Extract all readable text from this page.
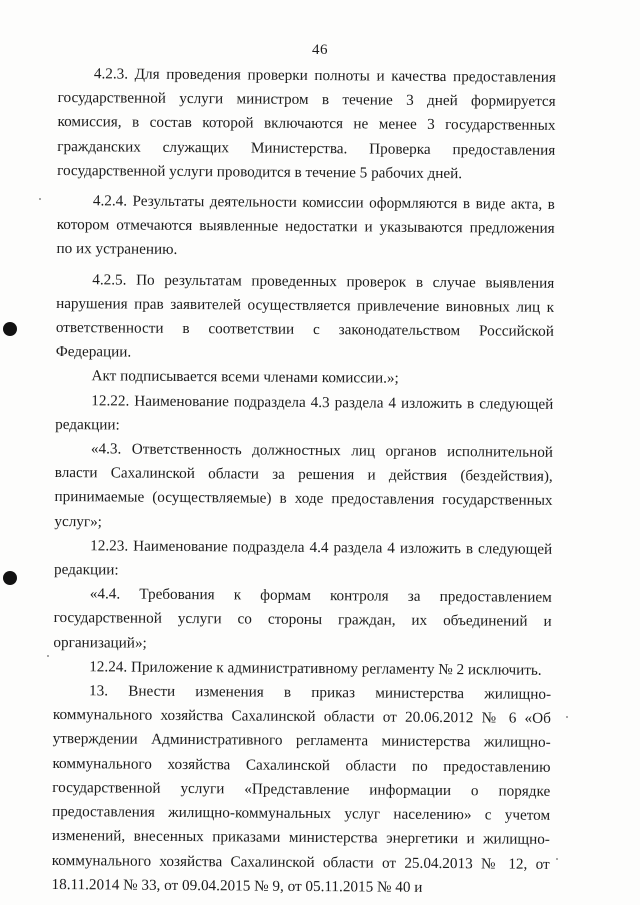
46

4.2.3. Для проведения проверки полноты и качества предоставления государственной услуги министром в течение 3 дней формируется комиссия, в состав которой включаются не менее 3 государственных гражданских служащих Министерства. Проверка предоставления государственной услуги проводится в течение 5 рабочих дней.

4.2.4. Результаты деятельности комиссии оформляются в виде акта, в котором отмечаются выявленные недостатки и указываются предложения по их устранению.

4.2.5. По результатам проведенных проверок в случае выявления нарушения прав заявителей осуществляется привлечение виновных лиц к ответственности в соответствии с законодательством Российской Федерации.

Акт подписывается всеми членами комиссии.»;

12.22. Наименование подраздела 4.3 раздела 4 изложить в следующей редакции:

«4.3. Ответственность должностных лиц органов исполнительной власти Сахалинской области за решения и действия (бездействия), принимаемые (осуществляемые) в ходе предоставления государственных услуг»;

12.23. Наименование подраздела 4.4 раздела 4 изложить в следующей редакции:

«4.4. Требования к формам контроля за предоставлением государственной услуги со стороны граждан, их объединений и организаций»;

12.24. Приложение к административному регламенту № 2 исключить.

13. Внести изменения в приказ министерства жилищно-коммунального хозяйства Сахалинской области от 20.06.2012 № 6 «Об утверждении Административного регламента министерства жилищно-коммунального хозяйства Сахалинской области по предоставлению государственной услуги «Представление информации о порядке предоставления жилищно-коммунальных услуг населению» с учетом изменений, внесенных приказами министерства энергетики и жилищно-коммунального хозяйства Сахалинской области от 25.04.2013 № 12, от 18.11.2014 № 33, от 09.04.2015 № 9, от 05.11.2015 № 40 и
